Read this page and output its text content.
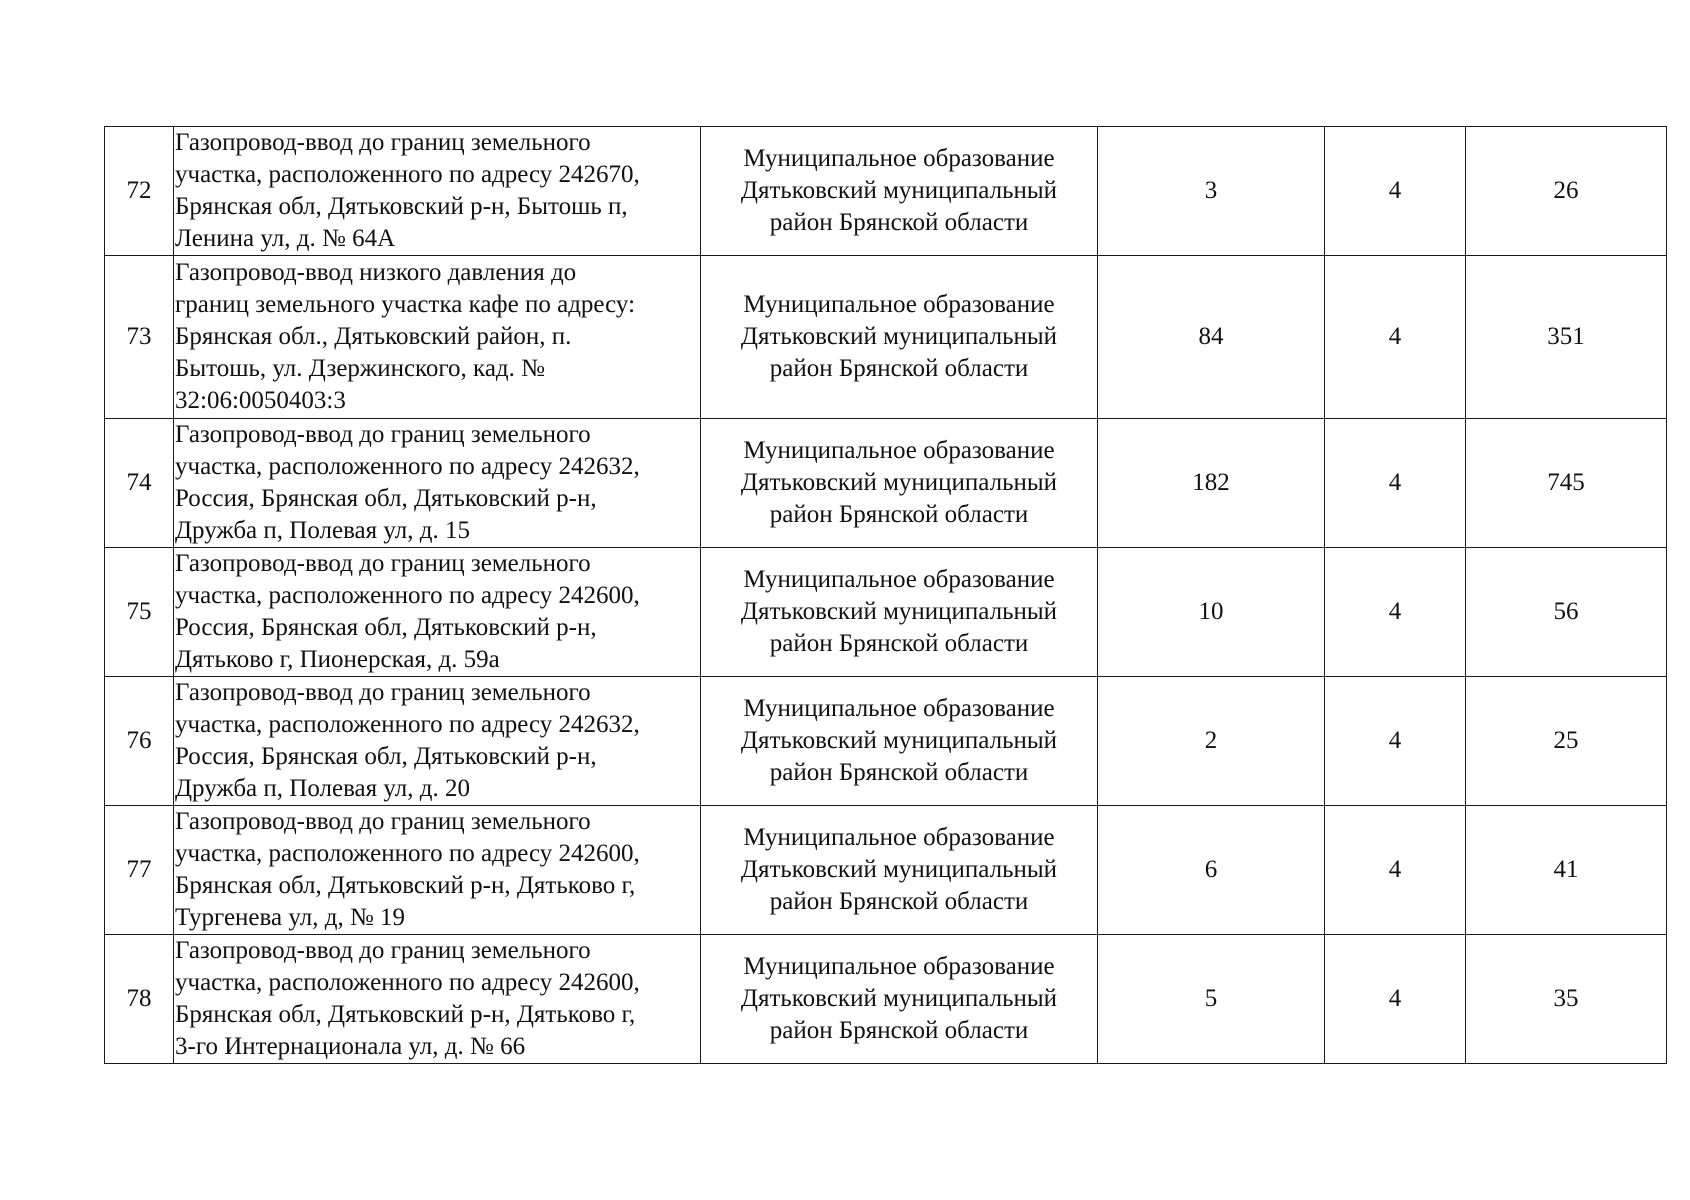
72	Газопровод-ввод до границ земельного
участка, расположенного по адресу 242670,
Брянская обл, Дятьковский р-н, Бытошь п,
Ленина ул, д. № 64А	Муниципальное образование
Дятьковский муниципальный
район Брянской области	3	4	26
73	Газопровод-ввод низкого давления до
границ земельного участка кафе по адресу:
Брянская обл., Дятьковский район, п.
Бытошь, ул. Дзержинского, кад. №
32:06:0050403:3	Муниципальное образование
Дятьковский муниципальный
район Брянской области	84	4	351
74	Газопровод-ввод до границ земельного
участка, расположенного по адресу 242632,
Россия, Брянская обл, Дятьковский р-н,
Дружба п, Полевая ул, д. 15	Муниципальное образование
Дятьковский муниципальный
район Брянской области	182	4	745
75	Газопровод-ввод до границ земельного
участка, расположенного по адресу 242600,
Россия, Брянская обл, Дятьковский р-н,
Дятьково г, Пионерская, д. 59а	Муниципальное образование
Дятьковский муниципальный
район Брянской области	10	4	56
76	Газопровод-ввод до границ земельного
участка, расположенного по адресу 242632,
Россия, Брянская обл, Дятьковский р-н,
Дружба п, Полевая ул, д. 20	Муниципальное образование
Дятьковский муниципальный
район Брянской области	2	4	25
77	Газопровод-ввод до границ земельного
участка, расположенного по адресу 242600,
Брянская обл, Дятьковский р-н, Дятьково г,
Тургенева ул, д, № 19	Муниципальное образование
Дятьковский муниципальный
район Брянской области	6	4	41
78	Газопровод-ввод до границ земельного
участка, расположенного по адресу 242600,
Брянская обл, Дятьковский р-н, Дятьково г,
3-го Интернационала ул, д. № 66	Муниципальное образование
Дятьковский муниципальный
район Брянской области	5	4	35
